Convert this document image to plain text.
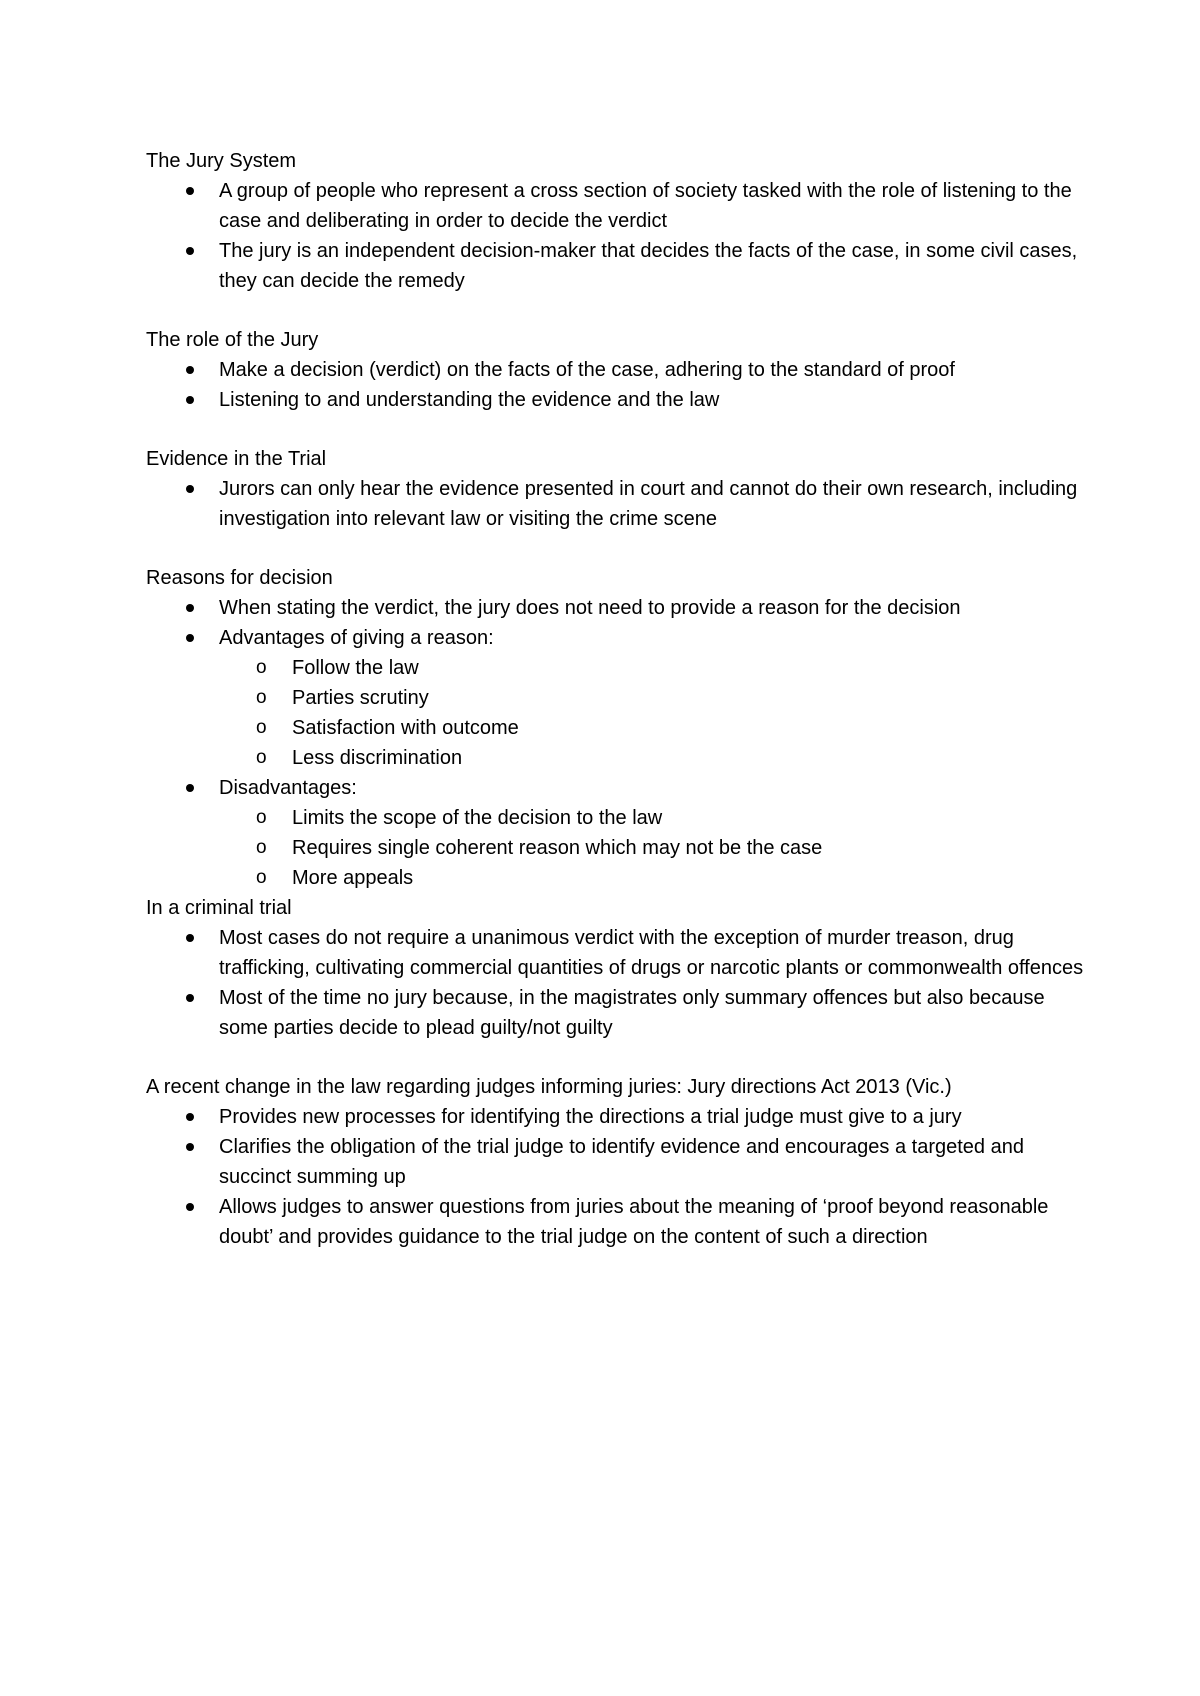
The Jury System

A group of people who represent a cross section of society tasked with the role of listening to the case and deliberating in order to decide the verdict
The jury is an independent decision-maker that decides the facts of the case, in some civil cases, they can decide the remedy

The role of the Jury

Make a decision (verdict) on the facts of the case, adhering to the standard of proof
Listening to and understanding the evidence and the law

Evidence in the Trial

Jurors can only hear the evidence presented in court and cannot do their own research, including investigation into relevant law or visiting the crime scene

Reasons for decision

When stating the verdict, the jury does not need to provide a reason for the decision
Advantages of giving a reason:
o Follow the law
o Parties scrutiny
o Satisfaction with outcome
o Less discrimination
Disadvantages:
o Limits the scope of the decision to the law
o Requires single coherent reason which may not be the case
o More appeals

In a criminal trial

Most cases do not require a unanimous verdict with the exception of murder treason, drug trafficking, cultivating commercial quantities of drugs or narcotic plants or commonwealth offences
Most of the time no jury because, in the magistrates only summary offences but also because some parties decide to plead guilty/not guilty

A recent change in the law regarding judges informing juries: Jury directions Act 2013 (Vic.)

Provides new processes for identifying the directions a trial judge must give to a jury
Clarifies the obligation of the trial judge to identify evidence and encourages a targeted and succinct summing up
Allows judges to answer questions from juries about the meaning of ‘proof beyond reasonable doubt’ and provides guidance to the trial judge on the content of such a direction
